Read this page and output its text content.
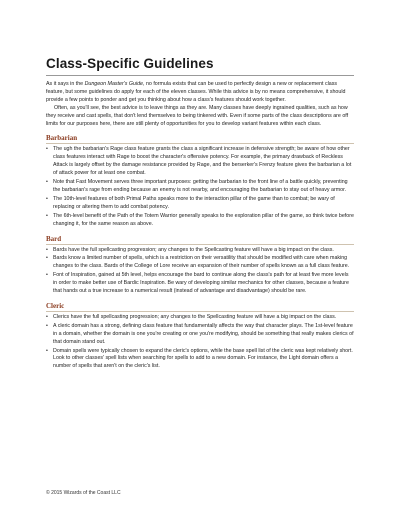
Class-Specific Guidelines

As it says in the Dungeon Master's Guide, no formula exists that can be used to perfectly design a new or replacement class feature, but some guidelines do apply for each of the eleven classes. While this advice is by no means comprehensive, it should provide a few points to ponder and get you thinking about how a class's features should work together.

Often, as you'll see, the best advice is to leave things as they are. Many classes have deeply ingrained qualities, such as how they receive and cast spells, that don't lend themselves to being tinkered with. Even if some parts of the class descriptions are off limits for our purposes here, there are still plenty of opportunities for you to develop variant features within each class.

Barbarian
• The ugh the barbarian's Rage class feature grants the class a significant increase in defensive strength; be aware of how other class features interact with Rage to boost the character's offensive potency. For example, the primary drawback of Reckless Attack is largely offset by the damage resistance provided by Rage, and the berserker's Frenzy feature gives the barbarian a lot of attack power for at least one combat.
• Note that Fast Movement serves three important purposes: getting the barbarian to the front line of a battle quickly, preventing the barbarian's rage from ending because an enemy is not nearby, and encouraging the barbarian to stay out of heavy armor.
• The 10th-level features of both Primal Paths speaks more to the interaction pillar of the game than to combat; be wary of replacing or altering them to add combat potency.
• The 6th-level benefit of the Path of the Totem Warrior generally speaks to the exploration pillar of the game, so think twice before changing it, for the same reason as above.
Bard
• Bards have the full spellcasting progression; any changes to the Spellcasting feature will have a big impact on the class.
• Bards know a limited number of spells, which is a restriction on their versatility that should be modified with care when making changes to the class. Bards of the College of Lore receive an expansion of their number of spells known as a full class feature.
• Font of Inspiration, gained at 5th level, helps encourage the bard to continue along the class's path for at least five more levels in order to make better use of Bardic Inspiration. Be wary of developing similar mechanics for other classes, because a feature that hands out a true increase to a numerical result (instead of advantage and disadvantage) should be rare.
Cleric
• Clerics have the full spellcasting progression; any changes to the Spellcasting feature will have a big impact on the class.
• A cleric domain has a strong, defining class feature that fundamentally affects the way that character plays. The 1st-level feature in a domain, whether the domain is one you're creating or one you're modifying, should be something that really makes clerics of that domain stand out.
• Domain spells were typically chosen to expand the cleric's options, while the base spell list of the cleric was kept relatively short. Look to other classes' spell lists when searching for spells to add to a new domain. For instance, the Light domain offers a number of spells that aren't on the cleric's list.
© 2015 Wizards of the Coast LLC
